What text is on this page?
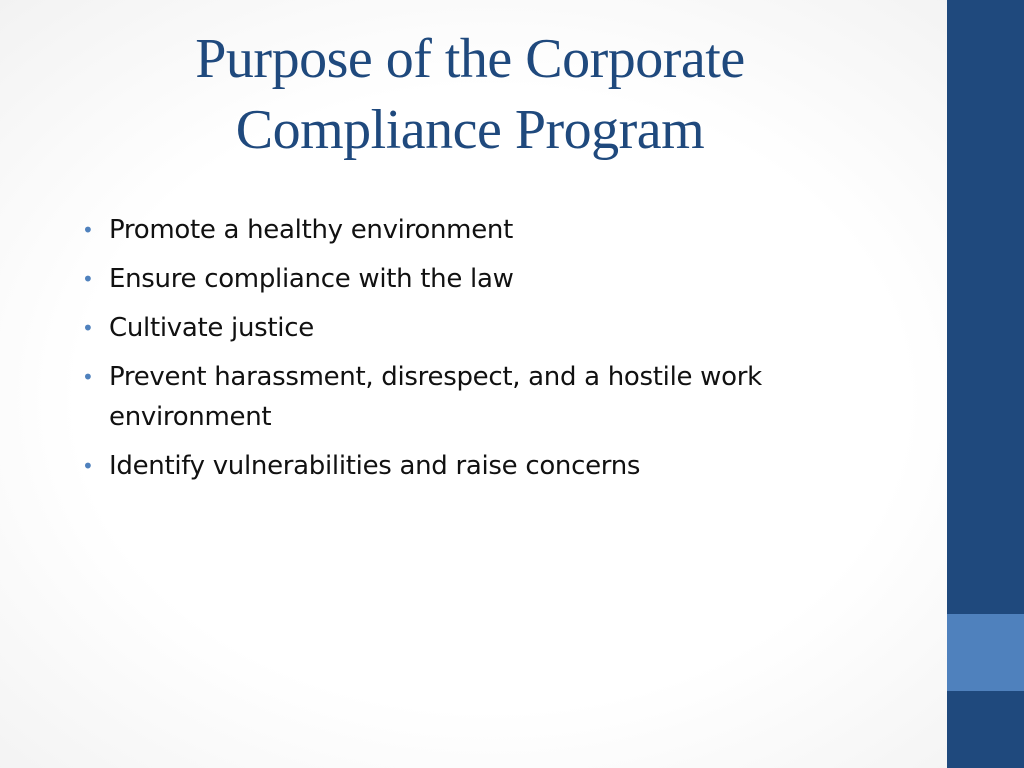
Purpose of the Corporate
Compliance Program
• Promote a healthy environment
• Ensure compliance with the law
• Cultivate justice
• Prevent harassment, disrespect, and a hostile work environment
• Identify vulnerabilities and raise concerns
